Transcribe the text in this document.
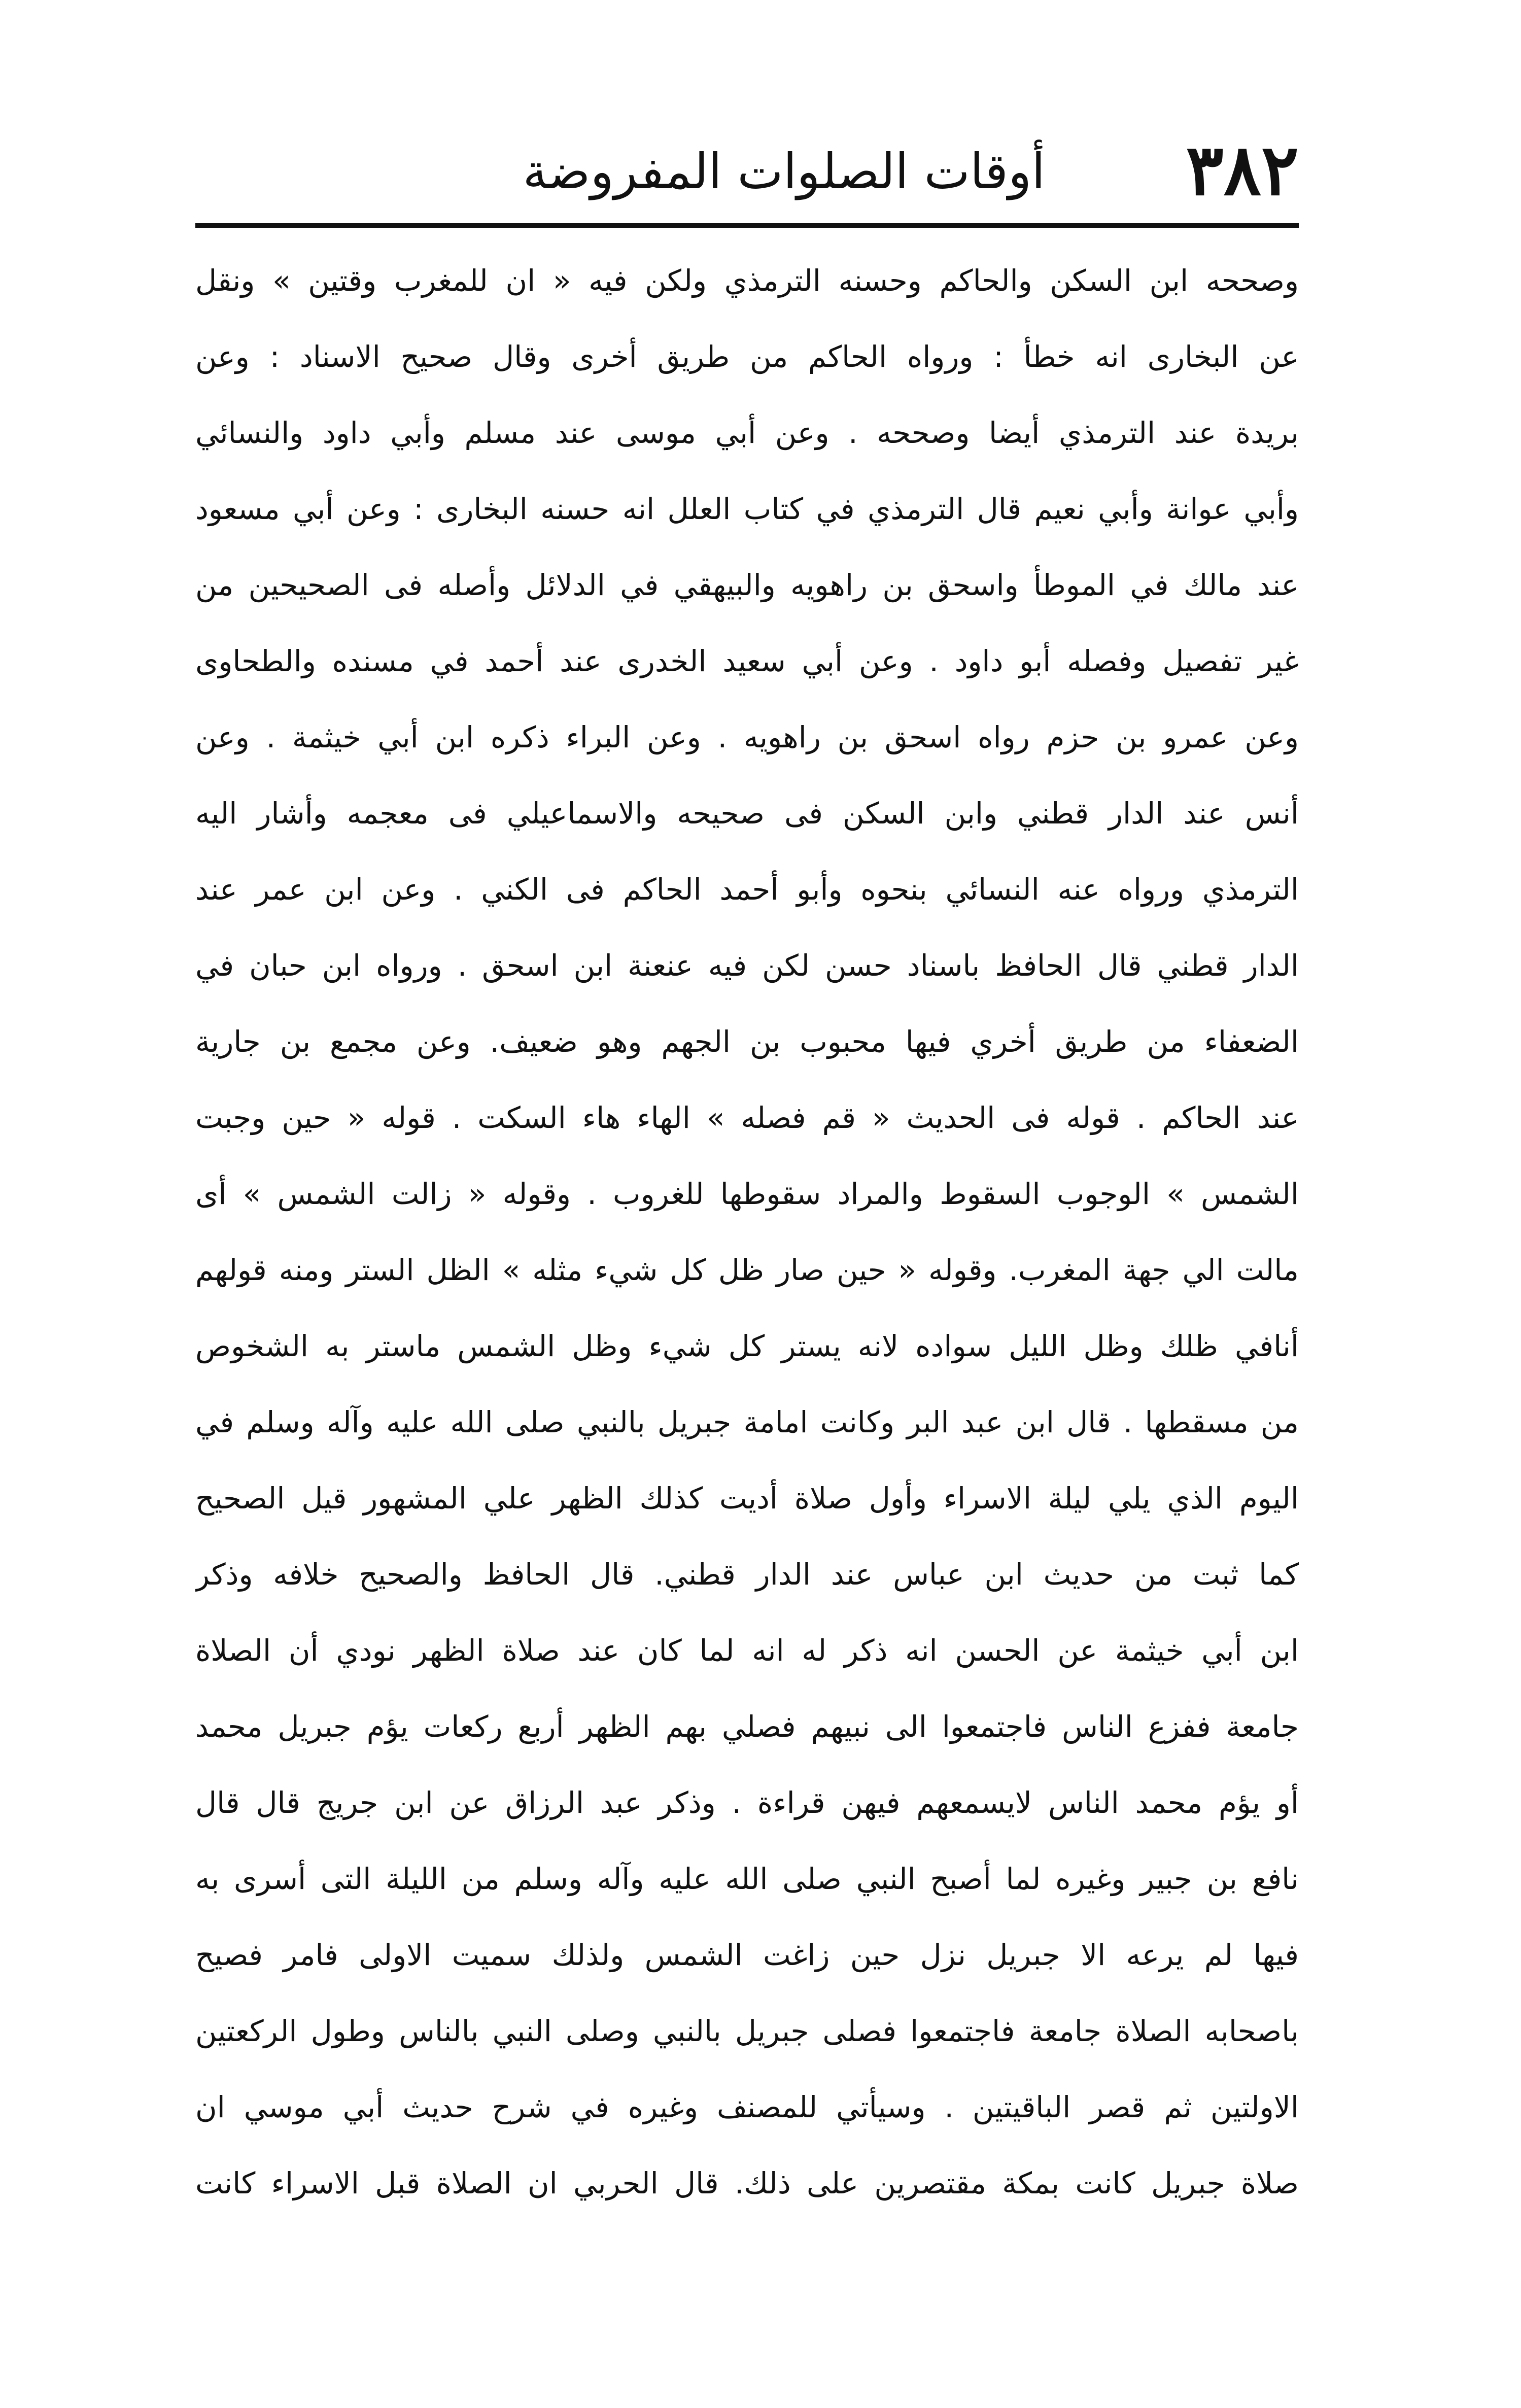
٣٨٢
أوقات الصلوات المفروضة
وصححه ابن السكن والحاكم وحسنه الترمذي ولكن فيه « ان للمغرب وقتين » ونقل
عن البخارى انه خطأ : ورواه الحاكم من طريق أخرى وقال صحيح الاسناد : وعن
بريدة عند الترمذي أيضا وصححه . وعن أبي موسى عند مسلم وأبي داود والنسائي
وأبي عوانة وأبي نعيم قال الترمذي في كتاب العلل انه حسنه البخارى : وعن أبي مسعود
عند مالك في الموطأ واسحق بن راهويه والبيهقي في الدلائل وأصله فى الصحيحين من
غير تفصيل وفصله أبو داود . وعن أبي سعيد الخدرى عند أحمد في مسنده والطحاوى
وعن عمرو بن حزم رواه اسحق بن راهويه . وعن البراء ذكره ابن أبي خيثمة . وعن
أنس عند الدار قطني وابن السكن فى صحيحه والاسماعيلي فى معجمه وأشار اليه
الترمذي ورواه عنه النسائي بنحوه وأبو أحمد الحاكم فى الكني . وعن ابن عمر عند
الدار قطني قال الحافظ باسناد حسن لكن فيه عنعنة ابن اسحق . ورواه ابن حبان في
الضعفاء من طريق أخري فيها محبوب بن الجهم وهو ضعيف. وعن مجمع بن جارية
عند الحاكم . قوله فى الحديث « قم فصله » الهاء هاء السكت . قوله « حين وجبت
الشمس » الوجوب السقوط والمراد سقوطها للغروب . وقوله « زالت الشمس » أى
مالت الي جهة المغرب. وقوله « حين صار ظل كل شيء مثله » الظل الستر ومنه قولهم
أنافي ظلك وظل الليل سواده لانه يستر كل شيء وظل الشمس ماستر به الشخوص
من مسقطها . قال ابن عبد البر وكانت امامة جبريل بالنبي صلى الله عليه وآله وسلم في
اليوم الذي يلي ليلة الاسراء وأول صلاة أديت كذلك الظهر علي المشهور قيل الصحيح
كما ثبت من حديث ابن عباس عند الدار قطني. قال الحافظ والصحيح خلافه وذكر
ابن أبي خيثمة عن الحسن انه ذكر له انه لما كان عند صلاة الظهر نودي أن الصلاة
جامعة ففزع الناس فاجتمعوا الى نبيهم فصلي بهم الظهر أربع ركعات يؤم جبريل محمد
أو يؤم محمد الناس لايسمعهم فيهن قراءة . وذكر عبد الرزاق عن ابن جريج قال قال
نافع بن جبير وغيره لما أصبح النبي صلى الله عليه وآله وسلم من الليلة التى أسرى به
فيها لم يرعه الا جبريل نزل حين زاغت الشمس ولذلك سميت الاولى فامر فصيح
باصحابه الصلاة جامعة فاجتمعوا فصلى جبريل بالنبي وصلى النبي بالناس وطول الركعتين
الاولتين ثم قصر الباقيتين . وسيأتي للمصنف وغيره في شرح حديث أبي موسي ان
صلاة جبريل كانت بمكة مقتصرين على ذلك. قال الحربي ان الصلاة قبل الاسراء كانت
